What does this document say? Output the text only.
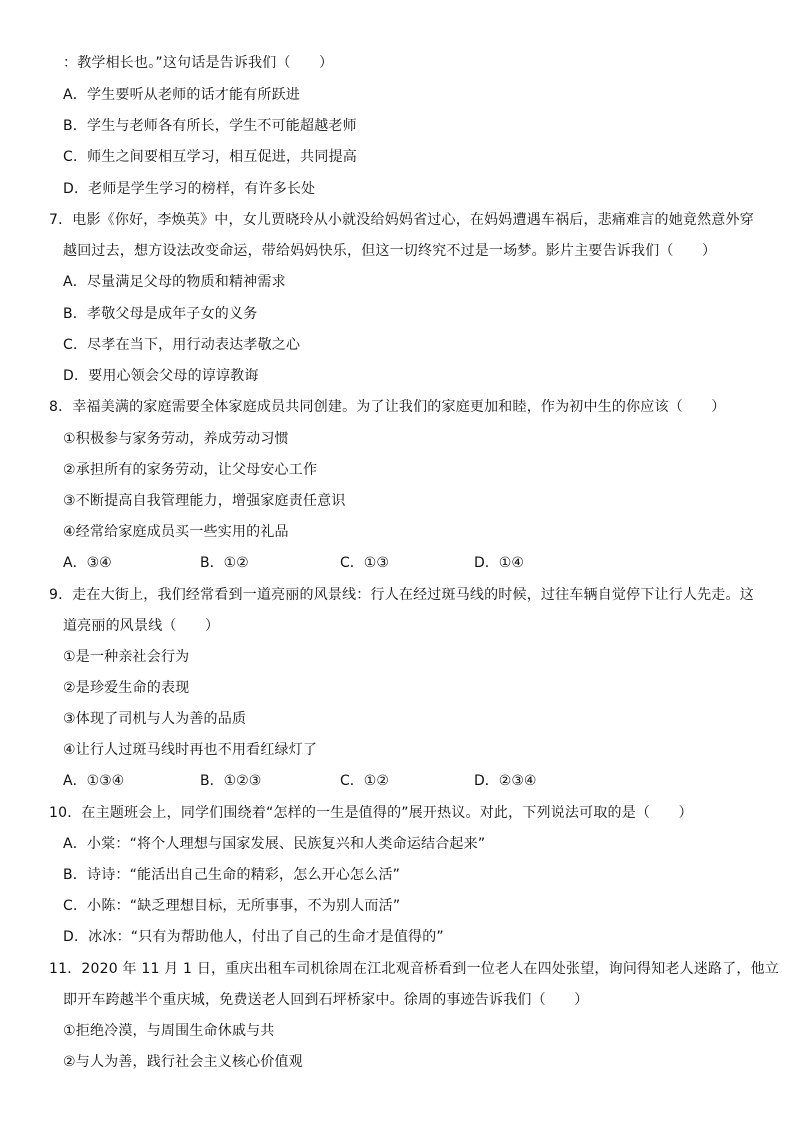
：教学相长也。”这句话是告诉我们（　　）
A．学生要听从老师的话才能有所跃进
B．学生与老师各有所长，学生不可能超越老师
C．师生之间要相互学习，相互促进，共同提高
D．老师是学生学习的榜样，有许多长处
7．电影《你好，李焕英》中，女儿贾晓玲从小就没给妈妈省过心，在妈妈遭遇车祸后，悲痛难言的她竟然意外穿
越回过去，想方设法改变命运，带给妈妈快乐，但这一切终究不过是一场梦。影片主要告诉我们（　　）
A．尽量满足父母的物质和精神需求
B．孝敬父母是成年子女的义务
C．尽孝在当下，用行动表达孝敬之心
D．要用心领会父母的谆谆教诲
8．幸福美满的家庭需要全体家庭成员共同创建。为了让我们的家庭更加和睦，作为初中生的你应该（　　）
①积极参与家务劳动，养成劳动习惯
②承担所有的家务劳动，让父母安心工作
③不断提高自我管理能力，增强家庭责任意识
④经常给家庭成员买一些实用的礼品
A．③④	B．①②	C．①③	D．①④
9．走在大街上，我们经常看到一道亮丽的风景线：行人在经过斑马线的时候，过往车辆自觉停下让行人先走。这
道亮丽的风景线（　　）
①是一种亲社会行为
②是珍爱生命的表现
③体现了司机与人为善的品质
④让行人过斑马线时再也不用看红绿灯了
A．①③④	B．①②③	C．①②	D．②③④
10．在主题班会上，同学们围绕着“怎样的一生是值得的”展开热议。对此，下列说法可取的是（　　）
A．小棠：“将个人理想与国家发展、民族复兴和人类命运结合起来”
B．诗诗：“能活出自己生命的精彩，怎么开心怎么活”
C．小陈：“缺乏理想目标，无所事事，不为别人而活”
D．冰冰：“只有为帮助他人，付出了自己的生命才是值得的”
11．2020 年 11 月 1 日，重庆出租车司机徐周在江北观音桥看到一位老人在四处张望，询问得知老人迷路了，他立
即开车跨越半个重庆城，免费送老人回到石坪桥家中。徐周的事迹告诉我们（　　）
①拒绝冷漠，与周围生命休戚与共
②与人为善，践行社会主义核心价值观
